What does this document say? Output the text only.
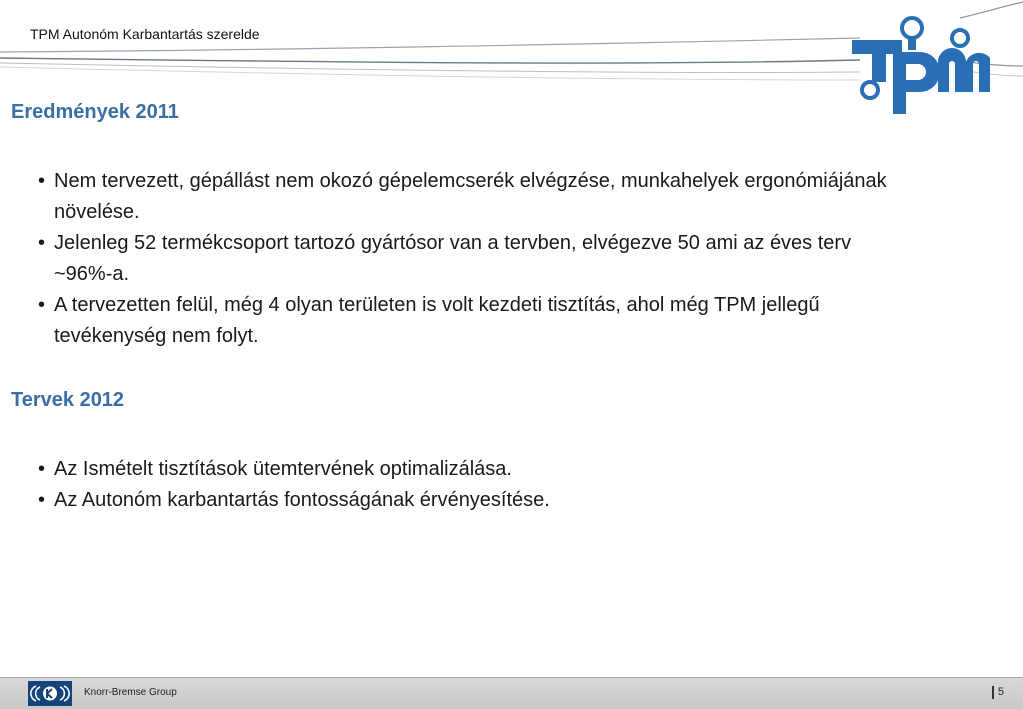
TPM Autonóm Karbantartás szerelde
Eredmények 2011
• Nem tervezett, gépállást nem okozó gépelemcserék elvégzése, munkahelyek ergonómiájának növelése.
• Jelenleg 52 termékcsoport tartozó gyártósor van a tervben, elvégezve 50 ami az éves terv ~96%-a.
• A tervezetten felül, még 4 olyan területen is volt kezdeti tisztítás, ahol még TPM jellegű tevékenység nem folyt.
Tervek 2012
• Az Ismételt tisztítások ütemtervének optimalizálása.
• Az Autonóm karbantartás fontosságának érvényesítése.
Knorr-Bremse Group	5
